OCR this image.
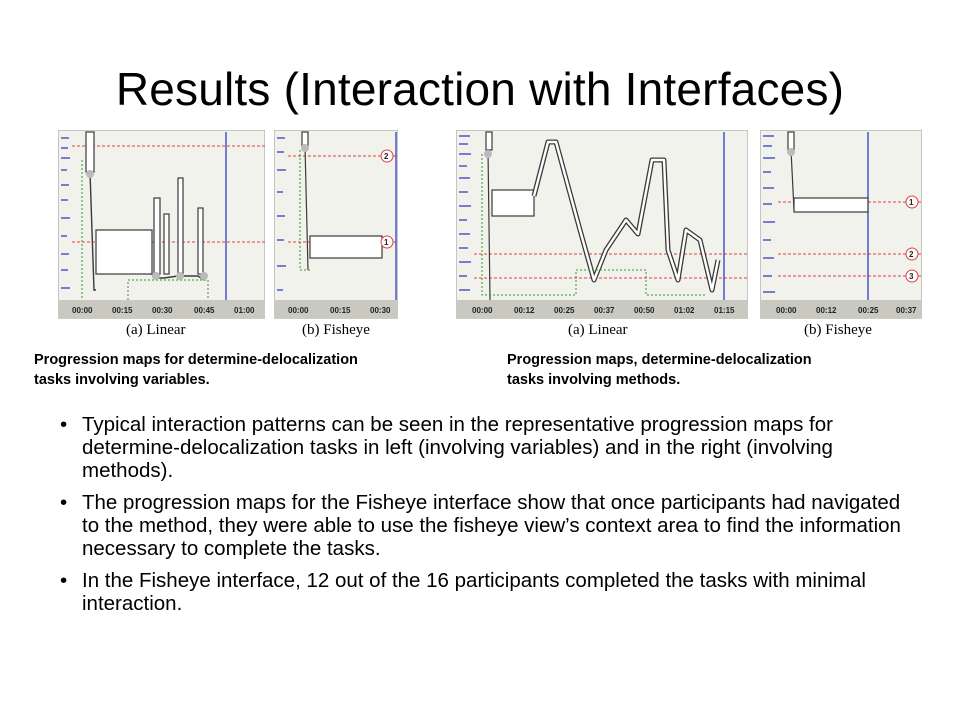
Results (Interaction with Interfaces)
00:00 00:15 00:30	00:45 01:00
(a) Linear
2
1
00:00	00:15 00:30
(b) Fisheye
00:00	00:12 00:25 00:37 00:50 01:02 01:15
(a) Linear
1
2
3
00:00 00:12	00:25 00:37
(b) Fisheye
Progression maps for determine-delocalization
tasks involving variables.
Progression maps, determine-delocalization
tasks involving methods.
• Typical interaction patterns can be seen in the representative progression maps for determine-delocalization tasks in left (involving variables) and in the right (involving methods).
• The progression maps for the Fisheye interface show that once participants had navigated to the method, they were able to use the fisheye view’s context area to find the information necessary to complete the tasks.
• In the Fisheye interface, 12 out of the 16 participants completed the tasks with minimal interaction.
